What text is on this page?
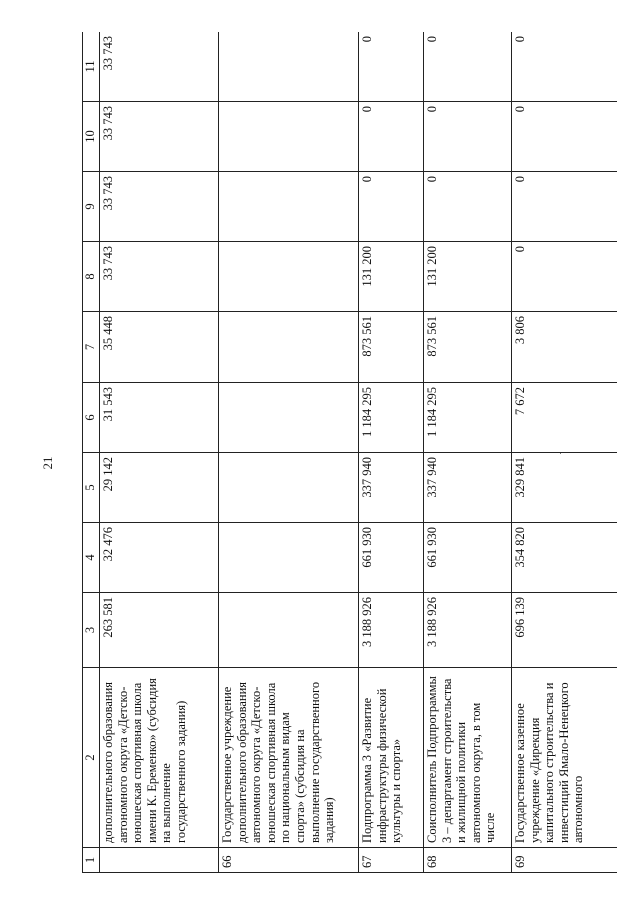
21
1	2	3	4	5	6	7	8	9	10	11
	дополнительного образования автономного округа «Детско-юношеская спортивная школа имени К. Еременко» (субсидия на выполнение государственного задания)	263 581	32 476	29 142	31 543	35 448	33 743	33 743	33 743	33 743
66	Государственное учреждение дополнительного образования автономного округа «Детско-юношеская спортивная школа по национальным видам спорта» (субсидия на выполнение государственного задания)									
67	Подпрограмма 3 «Развитие инфраструктуры физической культуры и спорта»	3 188 926	661 930	337 940	1 184 295	873 561	131 200	0	0	0
68	Соисполнитель Подпрограммы 3 – департамент строительства и жилищной политики автономного округа, в том числе	3 188 926	661 930	337 940	1 184 295	873 561	131 200	0	0	0
69	Государственное казенное учреждение «Дирекция капитального строительства и инвестиций Ямало-Ненецкого автономного	696 139	354 820	329 841	7 672	3 806	0	0	0	0
